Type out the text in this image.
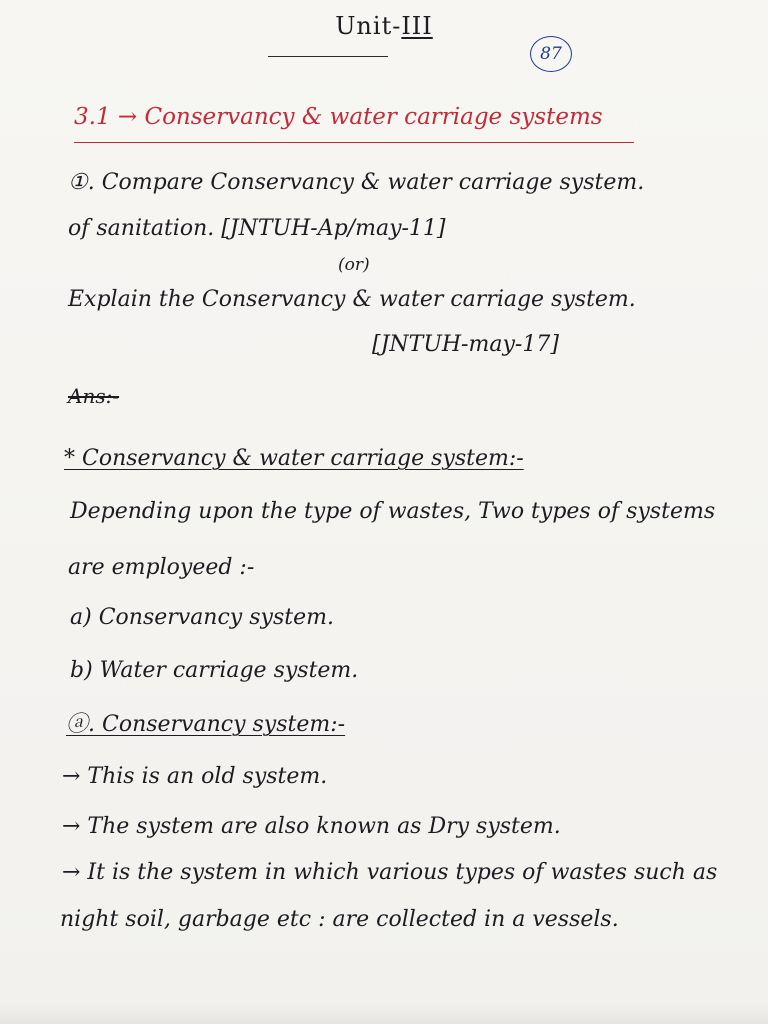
Unit-III
87
3.1 → Conservancy & water carriage systems
①. Compare Conservancy & water carriage system.
of sanitation. [JNTUH-Ap/may-11]
(or)
Explain the Conservancy & water carriage system.
[JNTUH-may-17]
Ans:-
* Conservancy & water carriage system:-
Depending upon the type of wastes, Two types of systems
are employeed :-
a) Conservancy system.
b) Water carriage system.
ⓐ. Conservancy system:-
→ This is an old system.
→ The system are also known as Dry system.
→ It is the system in which various types of wastes such as
night soil, garbage etc : are collected in a vessels.
